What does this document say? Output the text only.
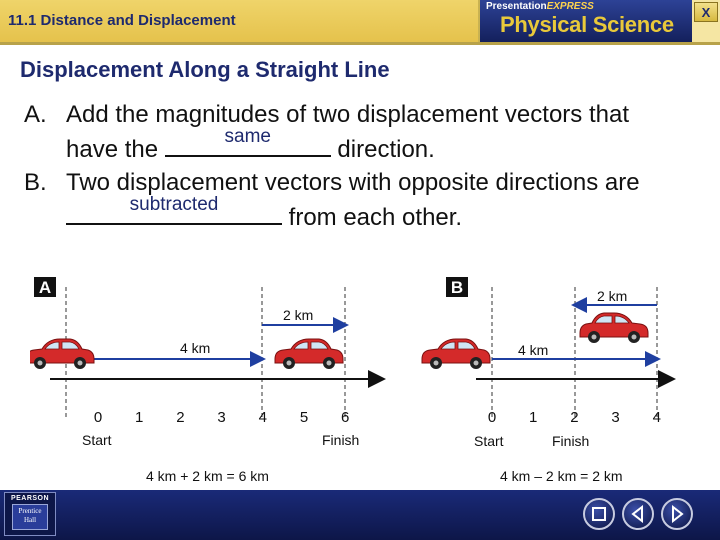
11.1 Distance and Displacement
PresentationEXPRESS
Physical Science	X
Displacement Along a Straight Line
A. Add the magnitudes of two displacement vectors that have the	same	direction.
B. Two displacement vectors with opposite directions are
subtracted	from each other.
A
4 km
2 km
0 1 2 3 4 5 6
Start	Finish
4 km + 2 km = 6 km
B
4 km
2 km
0 1 2 3 4
Start	Finish
4 km – 2 km = 2 km
PEARSON
Prentice
Hall
